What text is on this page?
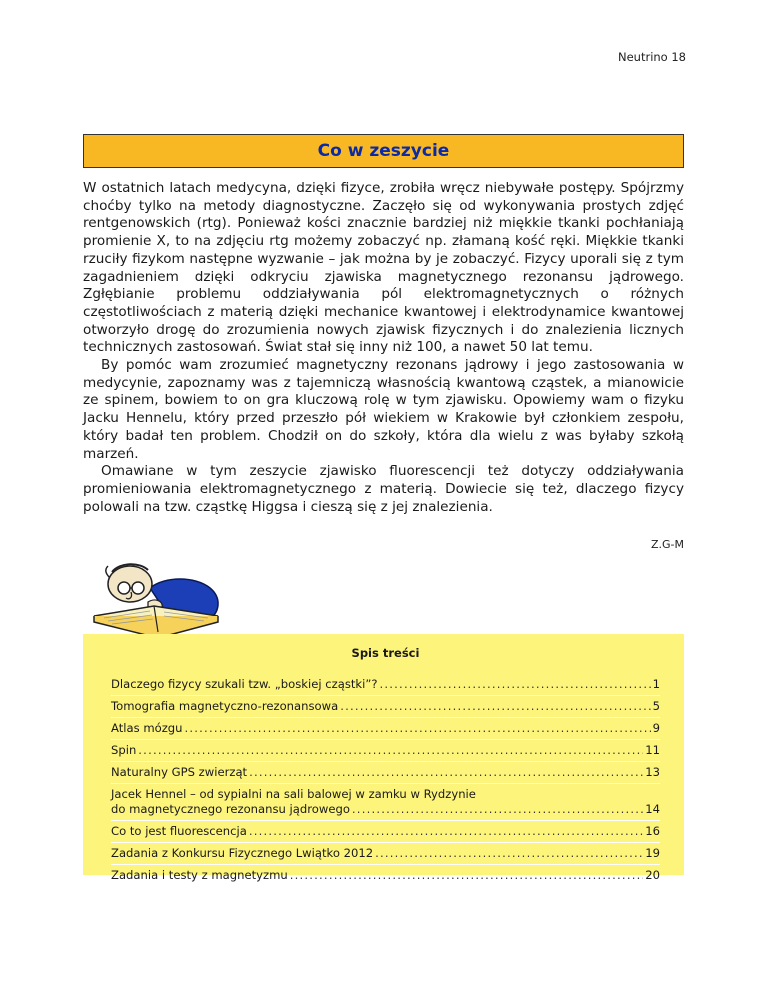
Neutrino 18
Co w zeszycie

W ostatnich latach medycyna, dzięki fizyce, zrobiła wręcz niebywałe postępy. Spójrzmy choćby tylko na metody diagnostyczne. Zaczęło się od wykonywania prostych zdjęć rentgenowskich (rtg). Ponieważ kości znacznie bardziej niż miękkie tkanki pochłaniają promienie X, to na zdjęciu rtg możemy zobaczyć np. złamaną kość ręki. Miękkie tkanki rzuciły fizykom następne wyzwanie – jak można by je zobaczyć. Fizycy uporali się z tym zagadnieniem dzięki odkryciu zjawiska magnetycznego rezonansu jądrowego. Zgłębianie problemu oddziaływania pól elektromagnetycznych o różnych częstotliwościach z materią dzięki mechanice kwantowej i elektrodynamice kwantowej otworzyło drogę do zrozumienia nowych zjawisk fizycznych i do znalezienia licznych technicznych zastosowań. Świat stał się inny niż 100, a nawet 50 lat temu.

By pomóc wam zrozumieć magnetyczny rezonans jądrowy i jego zastosowania w medycynie, zapoznamy was z tajemniczą własnością kwantową cząstek, a mianowicie ze spinem, bowiem to on gra kluczową rolę w tym zjawisku. Opowiemy wam o fizyku Jacku Hennelu, który przed przeszło pół wiekiem w Krakowie był członkiem zespołu, który badał ten problem. Chodził on do szkoły, która dla wielu z was byłaby szkołą marzeń.

Omawiane w tym zeszycie zjawisko fluorescencji też dotyczy oddziaływania promieniowania elektromagnetycznego z materią. Dowiecie się też, dlaczego fizycy polowali na tzw. cząstkę Higgsa i cieszą się z jej znalezienia.

Z.G-M
Spis treści
Dlaczego fizycy szukali tzw. „boskiej cząstki”? .....	1
Tomografia magnetyczno-rezonansowa .....	5
Atlas mózgu .....	9
Spin .....	11
Naturalny GPS zwierząt .....	13
Jacek Hennel – od sypialni na sali balowej w zamku w Rydzynie
do magnetycznego rezonansu jądrowego .....	14
Co to jest fluorescencja .....	16
Zadania z Konkursu Fizycznego Lwiątko 2012 .....	19
Zadania i testy z magnetyzmu .....	20
